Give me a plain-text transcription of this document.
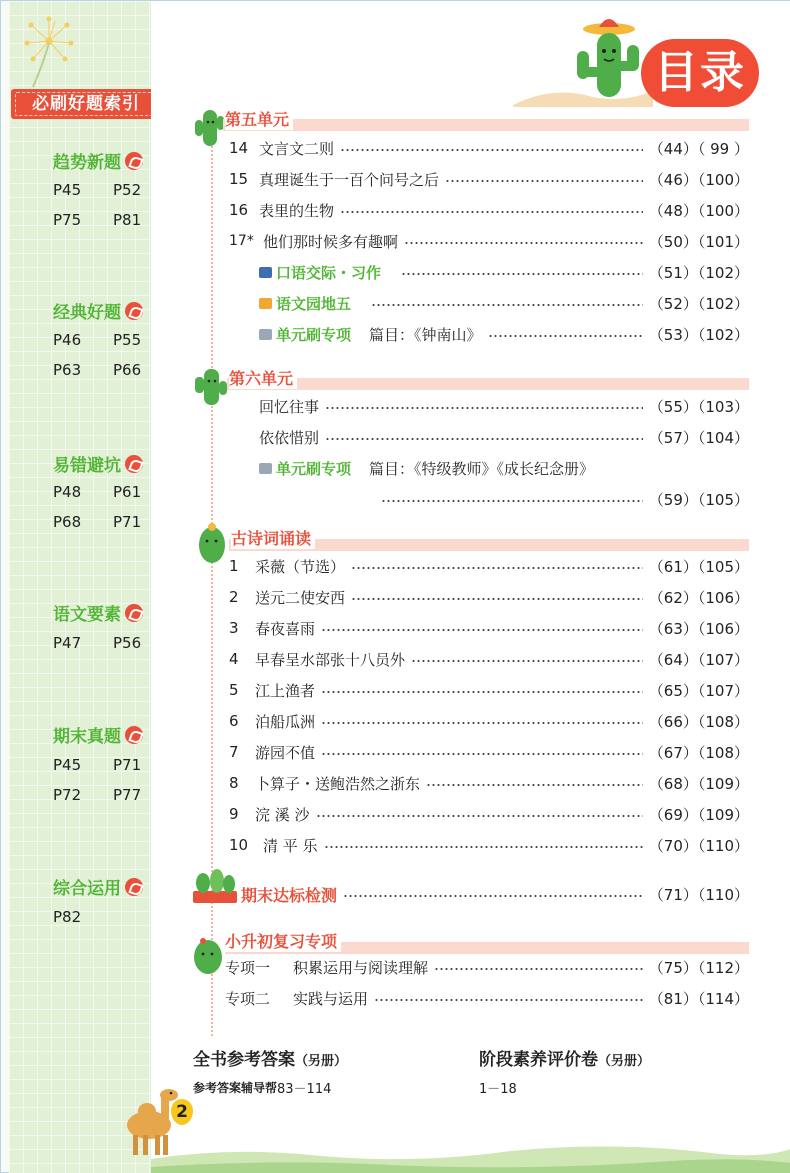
必刷好题索引
趋势新题
P45	P52
P75	P81
经典好题
P46	P55
P63	P66
易错避坑
P48	P61
P68	P71
语文要素
P47	P56
期末真题
P45	P71
P72	P77
综合运用
P82
目录
第五单元
14 文言文二则	（44）（ 99 ）
15 真理诞生于一百个问号之后	（46）（100）
16 表里的生物	（48）（100）
17* 他们那时候多有趣啊	（50）（101）
口语交际・习作	（51）（102）
语文园地五	（52）（102）
单元刷专项 篇目：《钟南山》	（53）（102）
第六单元
回忆往事	（55）（103）
依依惜别	（57）（104）
单元刷专项 篇目：《特级教师》《成长纪念册》
（59）（105）
古诗词诵读
1	采薇（节选）	（61）（105）
2	送元二使安西	（62）（106）
3	春夜喜雨	（63）（106）
4	早春呈水部张十八员外	（64）（107）
5	江上渔者	（65）（107）
6	泊船瓜洲	（66）（108）
7	游园不值	（67）（108）
8	卜算子・送鲍浩然之浙东	（68）（109）
9	浣 溪 沙	（69）（109）
10 清 平 乐	（70）（110）
期末达标检测	（71）（110）
小升初复习专项
专项一	积累运用与阅读理解	（75）（112）
专项二	实践与运用	（81）（114）
全书参考答案（另册）	阶段素养评价卷（另册）
参考答案辅导帮 83－114	1－18
2
